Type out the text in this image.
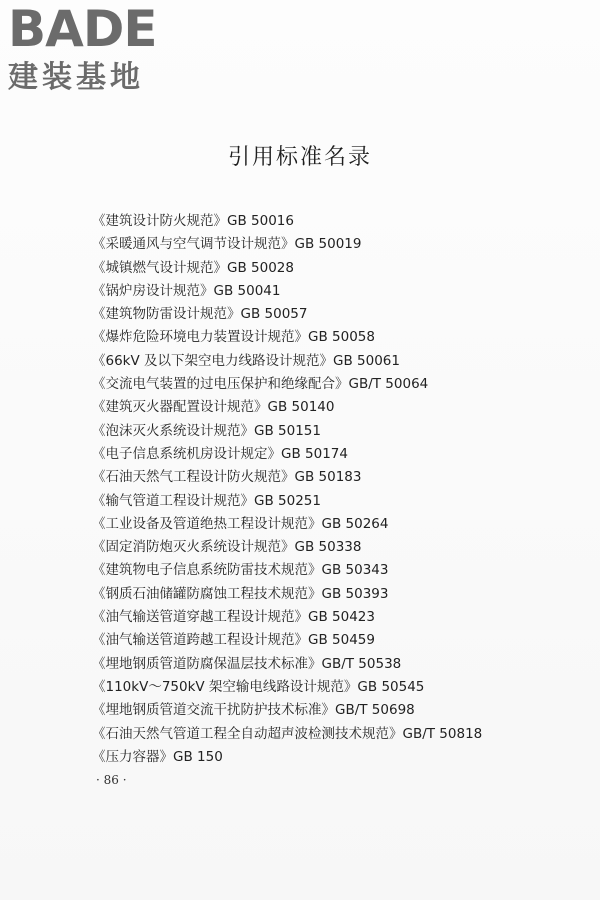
BADE
建装基地
引用标准名录
《建筑设计防火规范》GB 50016
《采暖通风与空气调节设计规范》GB 50019
《城镇燃气设计规范》GB 50028
《锅炉房设计规范》GB 50041
《建筑物防雷设计规范》GB 50057
《爆炸危险环境电力装置设计规范》GB 50058
《66kV 及以下架空电力线路设计规范》GB 50061
《交流电气装置的过电压保护和绝缘配合》GB/T 50064
《建筑灭火器配置设计规范》GB 50140
《泡沫灭火系统设计规范》GB 50151
《电子信息系统机房设计规定》GB 50174
《石油天然气工程设计防火规范》GB 50183
《输气管道工程设计规范》GB 50251
《工业设备及管道绝热工程设计规范》GB 50264
《固定消防炮灭火系统设计规范》GB 50338
《建筑物电子信息系统防雷技术规范》GB 50343
《钢质石油储罐防腐蚀工程技术规范》GB 50393
《油气输送管道穿越工程设计规范》GB 50423
《油气输送管道跨越工程设计规范》GB 50459
《埋地钢质管道防腐保温层技术标准》GB/T 50538
《110kV～750kV 架空输电线路设计规范》GB 50545
《埋地钢质管道交流干扰防护技术标准》GB/T 50698
《石油天然气管道工程全自动超声波检测技术规范》GB/T 50818
《压力容器》GB 150
· 86 ·
